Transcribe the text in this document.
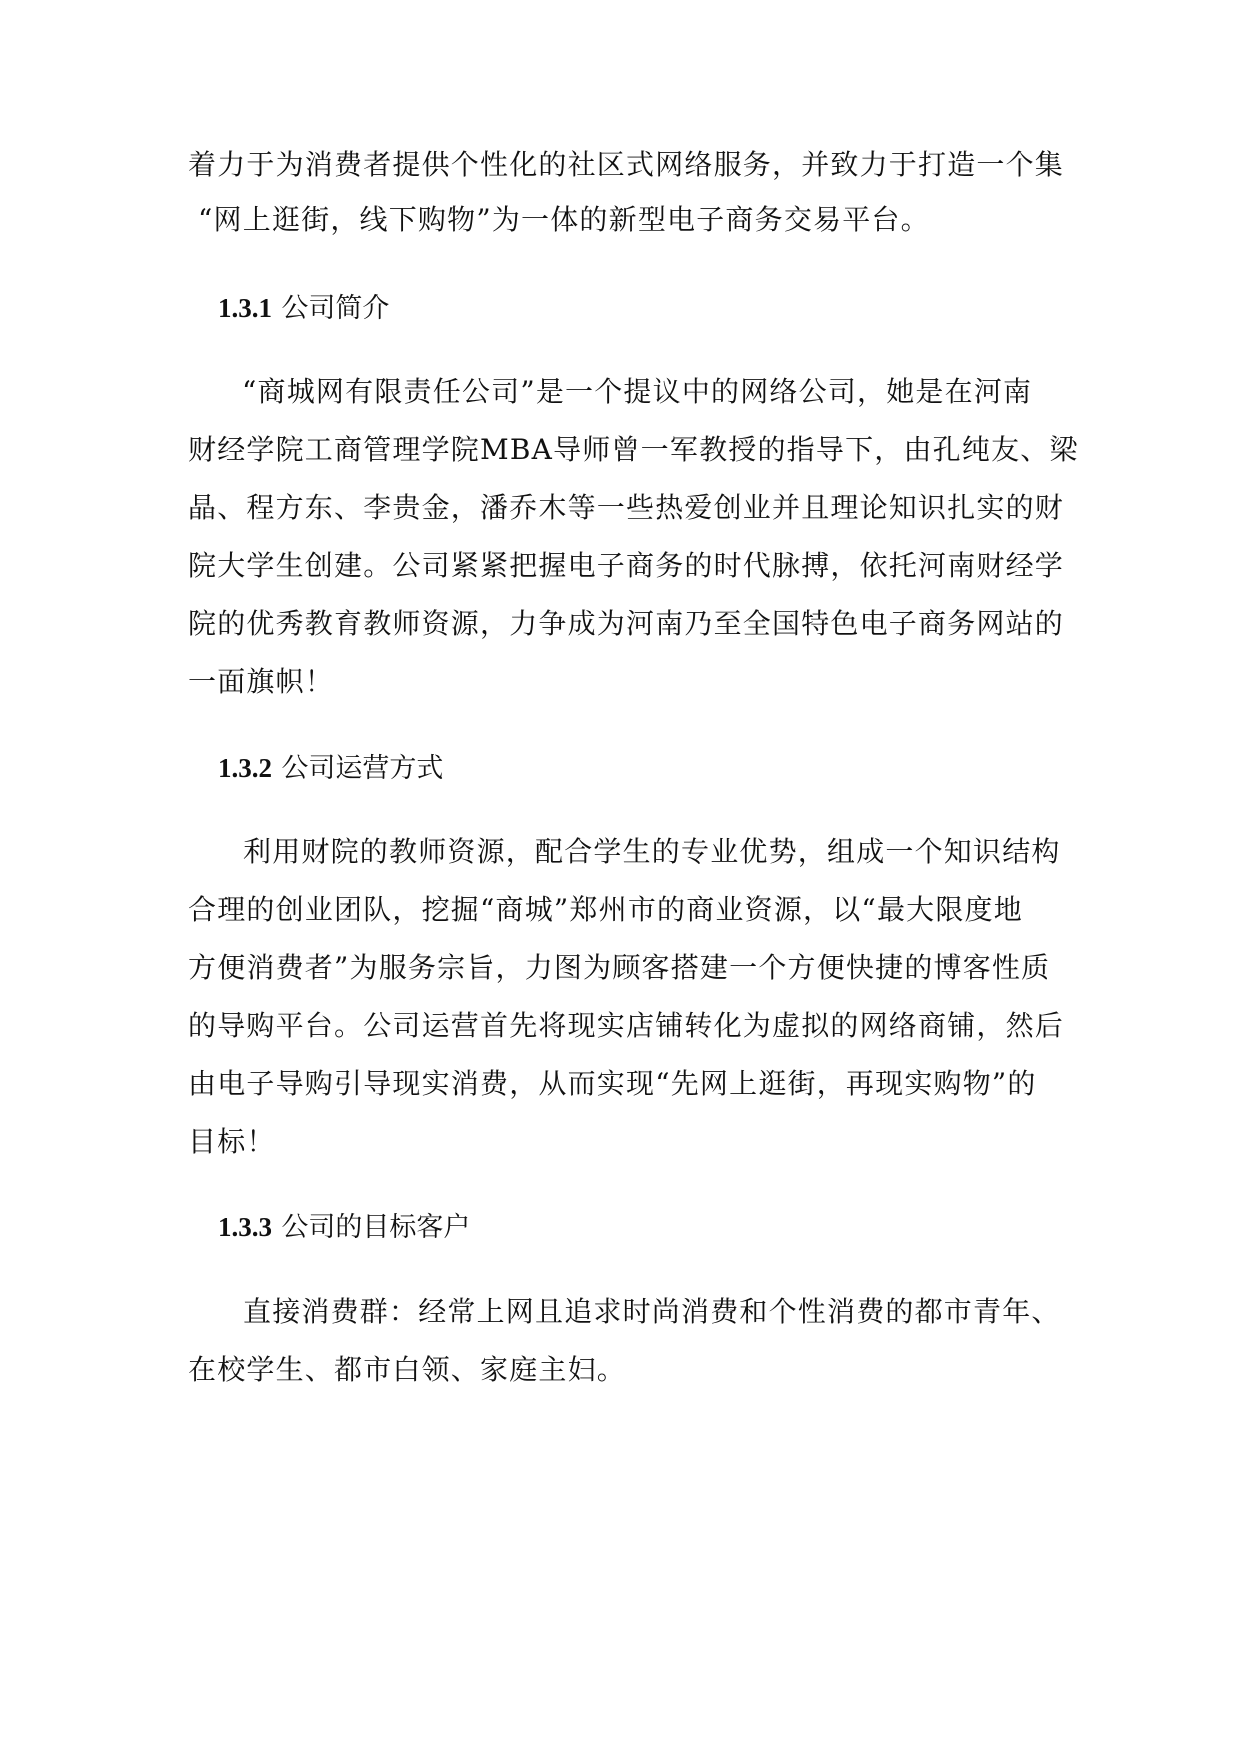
着力于为消费者提供个性化的社区式网络服务，并致力于打造一个集

“网上逛街，线下购物”为一体的新型电子商务交易平台。

1.3.1 公司简介

“商城网有限责任公司”是一个提议中的网络公司，她是在河南

财经学院工商管理学院MBA导师曾一军教授的指导下，由孔纯友、梁

晶、程方东、李贵金，潘乔木等一些热爱创业并且理论知识扎实的财

院大学生创建。公司紧紧把握电子商务的时代脉搏，依托河南财经学

院的优秀教育教师资源，力争成为河南乃至全国特色电子商务网站的

一面旗帜！

1.3.2 公司运营方式

利用财院的教师资源，配合学生的专业优势，组成一个知识结构

合理的创业团队，挖掘“商城”郑州市的商业资源，以“最大限度地

方便消费者”为服务宗旨，力图为顾客搭建一个方便快捷的博客性质

的导购平台。公司运营首先将现实店铺转化为虚拟的网络商铺，然后

由电子导购引导现实消费，从而实现“先网上逛街，再现实购物”的

目标！

1.3.3 公司的目标客户

直接消费群：经常上网且追求时尚消费和个性消费的都市青年、

在校学生、都市白领、家庭主妇。
